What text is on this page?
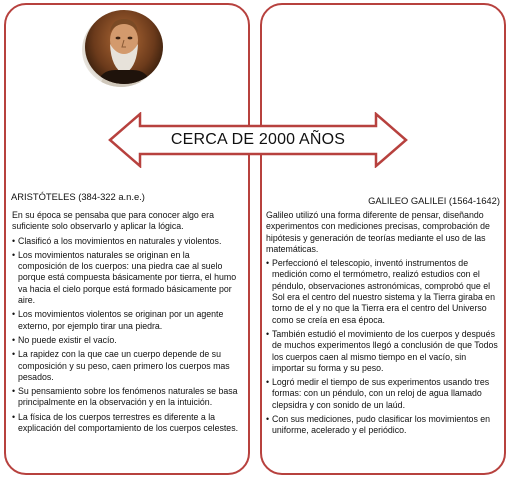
CERCA DE 2000 AÑOS
ARISTÓTELES (384-322 a.n.e.)
En su época se pensaba que para conocer algo era suficiente solo observarlo y aplicar la lógica.
• Clasificó a los movimientos en naturales y violentos.
• Los movimientos naturales se originan en la composición de los cuerpos: una piedra cae al suelo porque está compuesta básicamente por tierra, el humo va hacia el cielo porque está formado básicamente por aire.
• Los movimientos violentos se originan por un agente externo, por ejemplo tirar una piedra.
• No puede existir el vacío.
• La rapidez con la que cae un cuerpo depende de su composición y su peso, caen primero los cuerpos mas pesados.
• Su pensamiento sobre los fenómenos naturales se basa principalmente en la observación y en la intuición.
• La física de los cuerpos terrestres es diferente a la explicación del comportamiento de los cuerpos celestes.
GALILEO GALILEI (1564-1642)
Galileo utilizó una forma diferente de pensar, diseñando experimentos con mediciones precisas, comprobación de hipótesis y generación de teorías mediante el uso de las matemáticas.
• Perfeccionó el telescopio, inventó instrumentos de medición como el termómetro, realizó estudios con el péndulo, observaciones astronómicas, comprobó que el Sol era el centro del nuestro sistema y la Tierra giraba en torno de el y no que la Tierra era el centro del Universo como se creía en esa época.
• También estudió el movimiento de los cuerpos y después de muchos experimentos llegó a conclusión de que Todos los cuerpos caen al mismo tiempo en el vacío, sin importar su forma y su peso.
• Logró medir el tiempo de sus experimentos usando tres formas: con un péndulo, con un reloj de agua llamado clepsidra y con sonido de un laúd.
• Con sus mediciones, pudo clasificar los movimientos en uniforme, acelerado y el periódico.
